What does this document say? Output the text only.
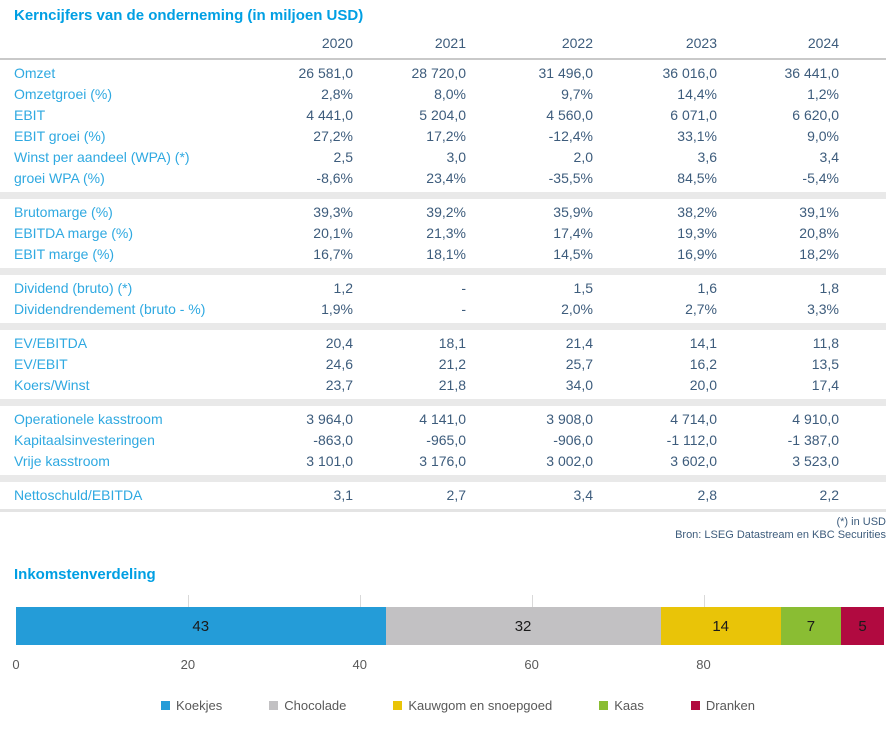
Kerncijfers van de onderneming (in miljoen USD)
	2020	2021	2022	2023	2024

Omzet	26 581,0	28 720,0	31 496,0	36 016,0	36 441,0

Omzetgroei (%)	2,8%	8,0%	9,7%	14,4%	1,2%

EBIT	4 441,0	5 204,0	4 560,0	6 071,0	6 620,0

EBIT groei (%)	27,2%	17,2%	-12,4%	33,1%	9,0%

Winst per aandeel (WPA) (*)	2,5	3,0	2,0	3,6	3,4

groei WPA (%)	-8,6%	23,4%	-35,5%	84,5%	-5,4%

Brutomarge (%)	39,3%	39,2%	35,9%	38,2%	39,1%

EBITDA marge (%)	20,1%	21,3%	17,4%	19,3%	20,8%

EBIT marge (%)	16,7%	18,1%	14,5%	16,9%	18,2%

Dividend (bruto) (*)	1,2	-	1,5	1,6	1,8

Dividendrendement (bruto - %)	1,9%	-	2,0%	2,7%	3,3%

EV/EBITDA	20,4	18,1	21,4	14,1	11,8

EV/EBIT	24,6	21,2	25,7	16,2	13,5

Koers/Winst	23,7	21,8	34,0	20,0	17,4

Operationele kasstroom	3 964,0	4 141,0	3 908,0	4 714,0	4 910,0

Kapitaalsinvesteringen	-863,0	-965,0	-906,0	-1 112,0	-1 387,0

Vrije kasstroom	3 101,0	3 176,0	3 002,0	3 602,0	3 523,0

Nettoschuld/EBITDA	3,1	2,7	3,4	2,8	2,2

(*) in USD
Bron: LSEG Datastream en KBC Securities
Inkomstenverdeling
43	32	14	7	5
0	20	40	60	80
Koekjes	Chocolade	Kauwgom en snoepgoed	Kaas	Dranken
